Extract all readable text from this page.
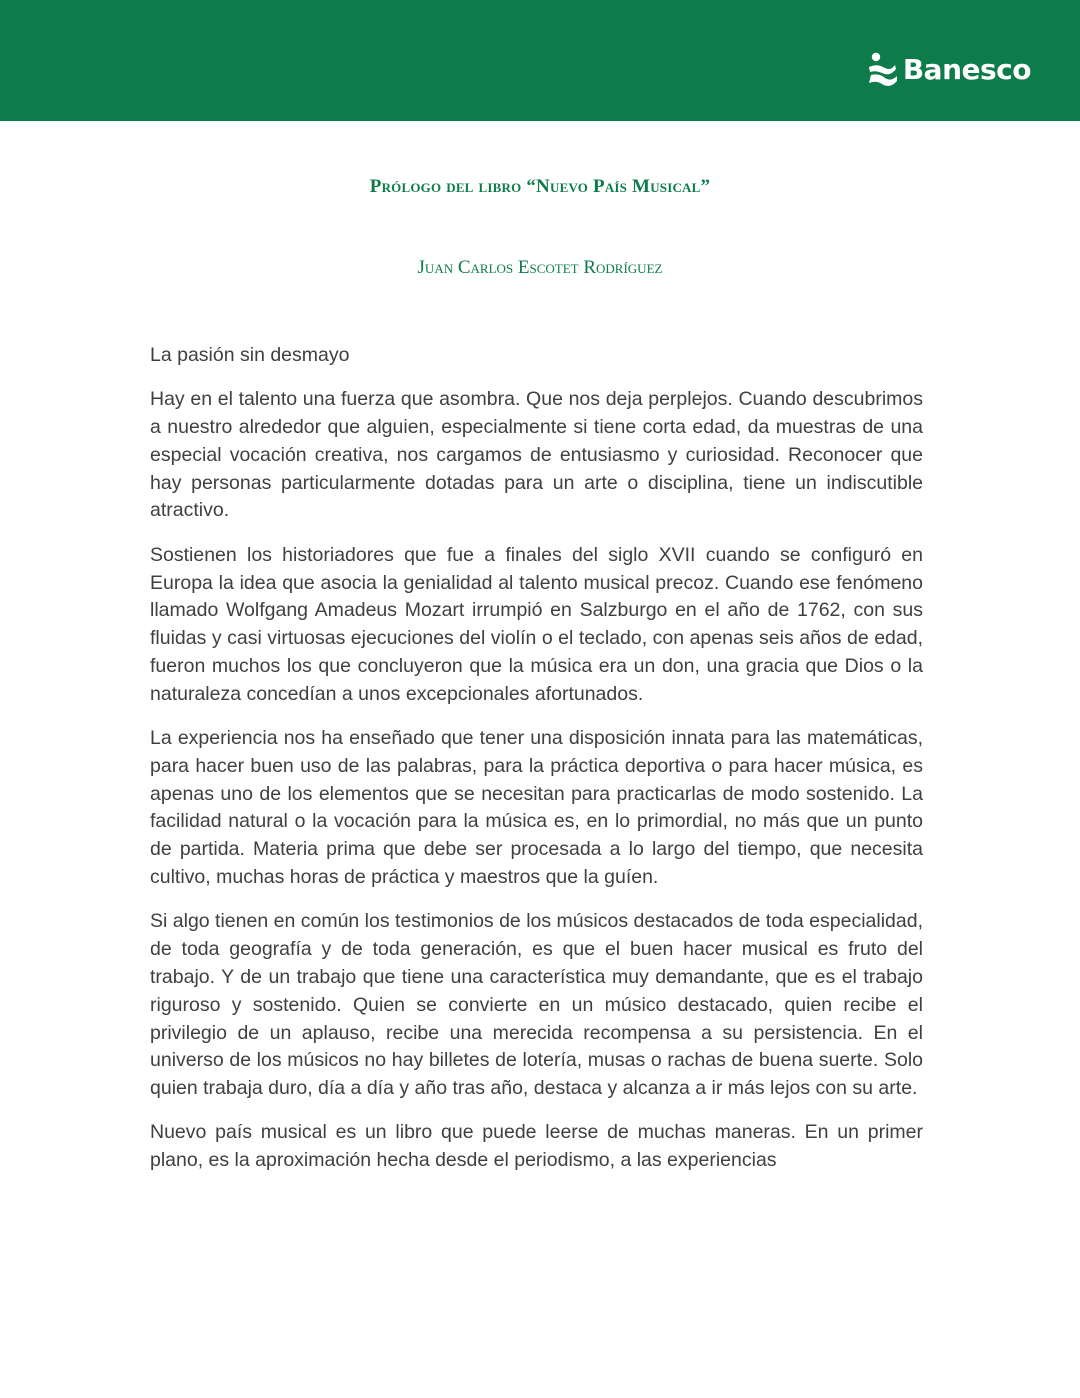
Banesco
Prólogo del libro “Nuevo País Musical”
Juan Carlos Escotet Rodríguez

La pasión sin desmayo

Hay en el talento una fuerza que asombra. Que nos deja perplejos. Cuando descubrimos a nuestro alrededor que alguien, especialmente si tiene corta edad, da muestras de una especial vocación creativa, nos cargamos de entusiasmo y curiosidad. Reconocer que hay personas particularmente dotadas para un arte o disciplina, tiene un indiscutible atractivo.

Sostienen los historiadores que fue a finales del siglo XVII cuando se configuró en Europa la idea que asocia la genialidad al talento musical precoz. Cuando ese fenómeno llamado Wolfgang Amadeus Mozart irrumpió en Salzburgo en el año de 1762, con sus fluidas y casi virtuosas ejecuciones del violín o el teclado, con apenas seis años de edad, fueron muchos los que concluyeron que la música era un don, una gracia que Dios o la naturaleza concedían a unos excepcionales afortunados.

La experiencia nos ha enseñado que tener una disposición innata para las matemáticas, para hacer buen uso de las palabras, para la práctica deportiva o para hacer música, es apenas uno de los elementos que se necesitan para practicarlas de modo sostenido. La facilidad natural o la vocación para la música es, en lo primordial, no más que un punto de partida. Materia prima que debe ser procesada a lo largo del tiempo, que necesita cultivo, muchas horas de práctica y maestros que la guíen.

Si algo tienen en común los testimonios de los músicos destacados de toda especialidad, de toda geografía y de toda generación, es que el buen hacer musical es fruto del trabajo. Y de un trabajo que tiene una característica muy demandante, que es el trabajo riguroso y sostenido. Quien se convierte en un músico destacado, quien recibe el privilegio de un aplauso, recibe una merecida recompensa a su persistencia. En el universo de los músicos no hay billetes de lotería, musas o rachas de buena suerte. Solo quien trabaja duro, día a día y año tras año, destaca y alcanza a ir más lejos con su arte.

Nuevo país musical es un libro que puede leerse de muchas maneras. En un primer plano, es la aproximación hecha desde el periodismo, a las experiencias
